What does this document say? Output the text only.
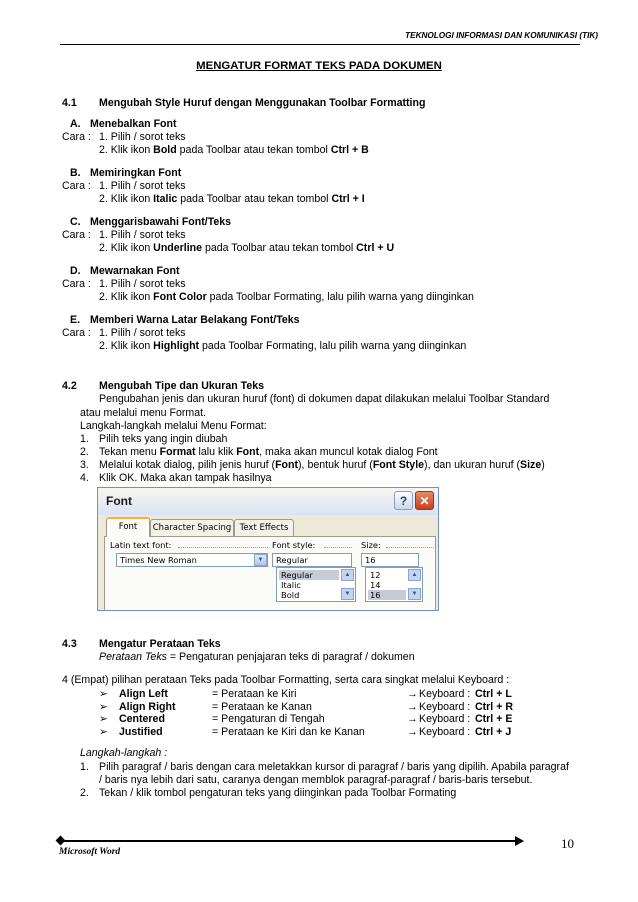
TEKNOLOGI INFORMASI DAN KOMUNIKASI (TIK)
MENGATUR FORMAT TEKS PADA DOKUMEN
4.1 Mengubah Style Huruf dengan Menggunakan Toolbar Formatting
A. Menebalkan Font
Cara : 1. Pilih / sorot teks
2. Klik ikon Bold pada Toolbar atau tekan tombol Ctrl + B
B. Memiringkan Font
Cara : 1. Pilih / sorot teks
2. Klik ikon Italic pada Toolbar atau tekan tombol Ctrl + I
C. Menggarisbawahi Font/Teks
Cara : 1. Pilih / sorot teks
2. Klik ikon Underline pada Toolbar atau tekan tombol Ctrl + U
D. Mewarnakan Font
Cara : 1. Pilih / sorot teks
2. Klik ikon Font Color pada Toolbar Formating, lalu pilih warna yang diinginkan
E. Memberi Warna Latar Belakang Font/Teks
Cara : 1. Pilih / sorot teks
2. Klik ikon Highlight pada Toolbar Formating, lalu pilih warna yang diinginkan
4.2 Mengubah Tipe dan Ukuran Teks
Pengubahan jenis dan ukuran huruf (font) di dokumen dapat dilakukan melalui Toolbar Standard
atau melalui menu Format.
Langkah-langkah melalui Menu Format:
1. Pilih teks yang ingin diubah
2. Tekan menu Format lalu klik Font, maka akan muncul kotak dialog Font
3. Melalui kotak dialog, pilih jenis huruf (Font), bentuk huruf (Font Style), dan ukuran huruf (Size)
4. Klik OK. Maka akan tampak hasilnya
Font	?	✕
Font	Character Spacing Text Effects
Latin text font:
Times New Roman	▼
Font style:
Regular
Regular
Italic
Bold
▲
▼
Size:
16
12
14
16
▲
▼
4.3 Mengatur Perataan Teks
Perataan Teks = Pengaturan penjajaran teks di paragraf / dokumen
4 (Empat) pilihan perataan Teks pada Toolbar Formatting, serta cara singkat melalui Keyboard :
➢ Align Left	= Perataan ke Kiri	→ Keyboard : Ctrl + L
➢ Align Right	= Perataan ke Kanan	→ Keyboard : Ctrl + R
➢ Centered	= Pengaturan di Tengah	→ Keyboard : Ctrl + E
➢ Justified	= Perataan ke Kiri dan ke Kanan	→ Keyboard : Ctrl + J
Langkah-langkah :
1. Pilih paragraf / baris dengan cara meletakkan kursor di paragraf / baris yang dipilih. Apabila paragraf
/ baris nya lebih dari satu, caranya dengan memblok paragraf-paragraf / baris-baris tersebut.
2. Tekan / klik tombol pengaturan teks yang diinginkan pada Toolbar Formating
Microsoft Word
10
